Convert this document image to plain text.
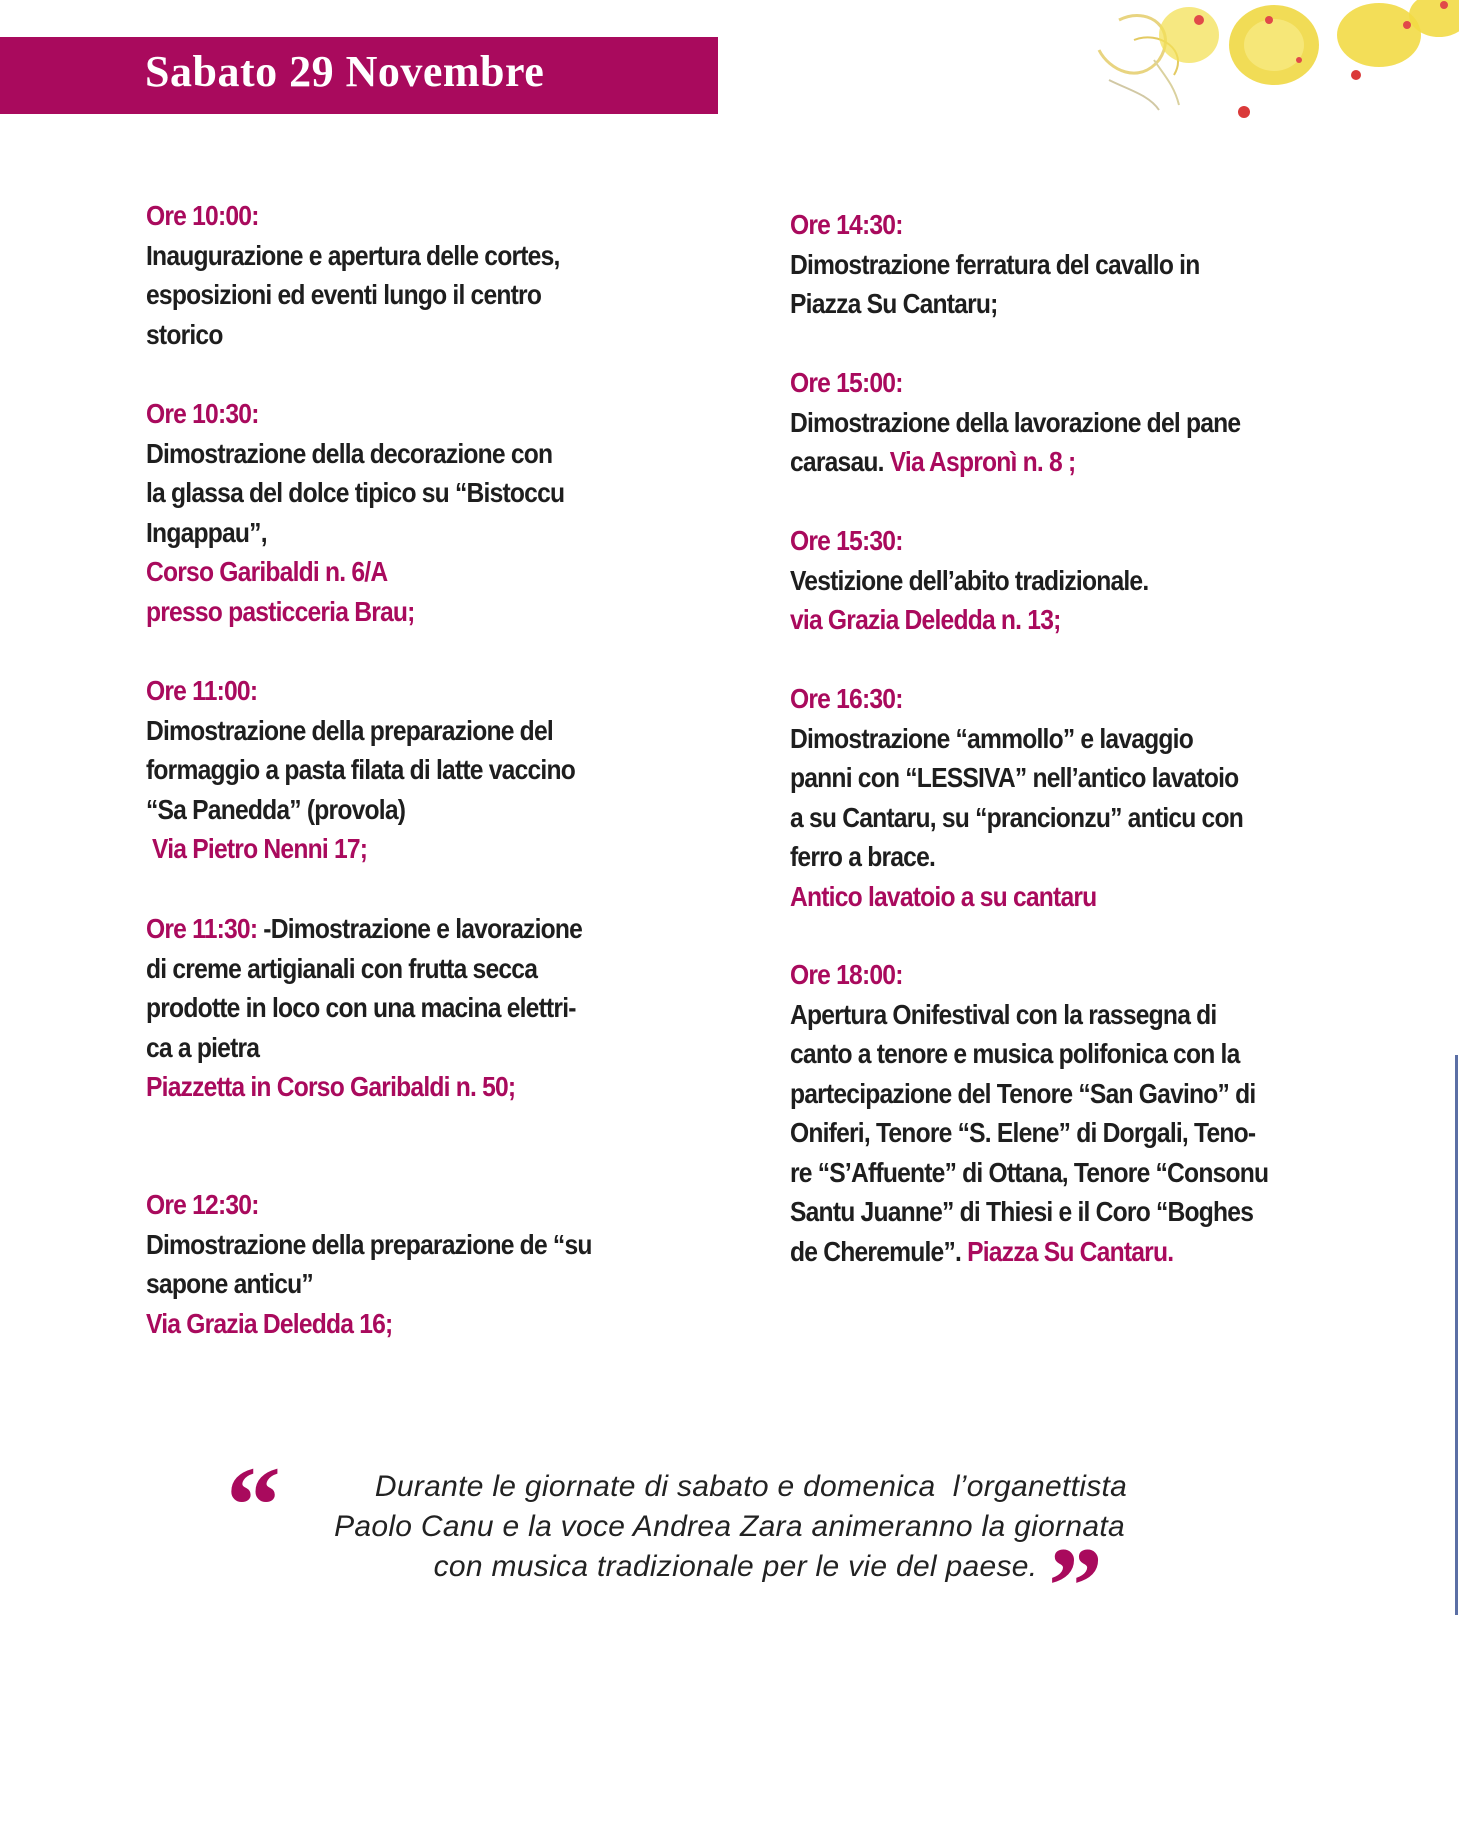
Sabato 29 Novembre
Ore 10:00:
Inaugurazione e apertura delle cortes,
esposizioni ed eventi lungo il centro
storico
Ore 10:30:
Dimostrazione della decorazione con
la glassa del dolce tipico su “Bistoccu
Ingappau”,
Corso Garibaldi n. 6/A
presso pasticceria Brau;
Ore 11:00:
Dimostrazione della preparazione del
formaggio a pasta filata di latte vaccino
“Sa Panedda” (provola)
Via Pietro Nenni 17;
Ore 11:30: -Dimostrazione e lavorazione
di creme artigianali con frutta secca
prodotte in loco con una macina elettri-
ca a pietra
Piazzetta in Corso Garibaldi n. 50;
Ore 12:30:
Dimostrazione della preparazione de “su
sapone anticu”
Via Grazia Deledda 16;
Ore 14:30:
Dimostrazione ferratura del cavallo in
Piazza Su Cantaru;
Ore 15:00:
Dimostrazione della lavorazione del pane
carasau. Via Aspronì n. 8 ;
Ore 15:30:
Vestizione dell’abito tradizionale.
via Grazia Deledda n. 13;
Ore 16:30:
Dimostrazione “ammollo” e lavaggio
panni con “LESSIVA” nell’antico lavatoio
a su Cantaru, su “prancionzu” anticu con
ferro a brace.
Antico lavatoio a su cantaru
Ore 18:00:
Apertura Onifestival con la rassegna di
canto a tenore e musica polifonica con la
partecipazione del Tenore “San Gavino” di
Oniferi, Tenore “S. Elene” di Dorgali, Teno-
re “S’Affuente” di Ottana, Tenore “Consonu
Santu Juanne” di Thiesi e il Coro “Boghes
de Cheremule”. Piazza Su Cantaru.
“	Durante le giornate di sabato e domenica  l’organettista
Paolo Canu e la voce Andrea Zara animeranno la giornata
con musica tradizionale per le vie del paese. ”
